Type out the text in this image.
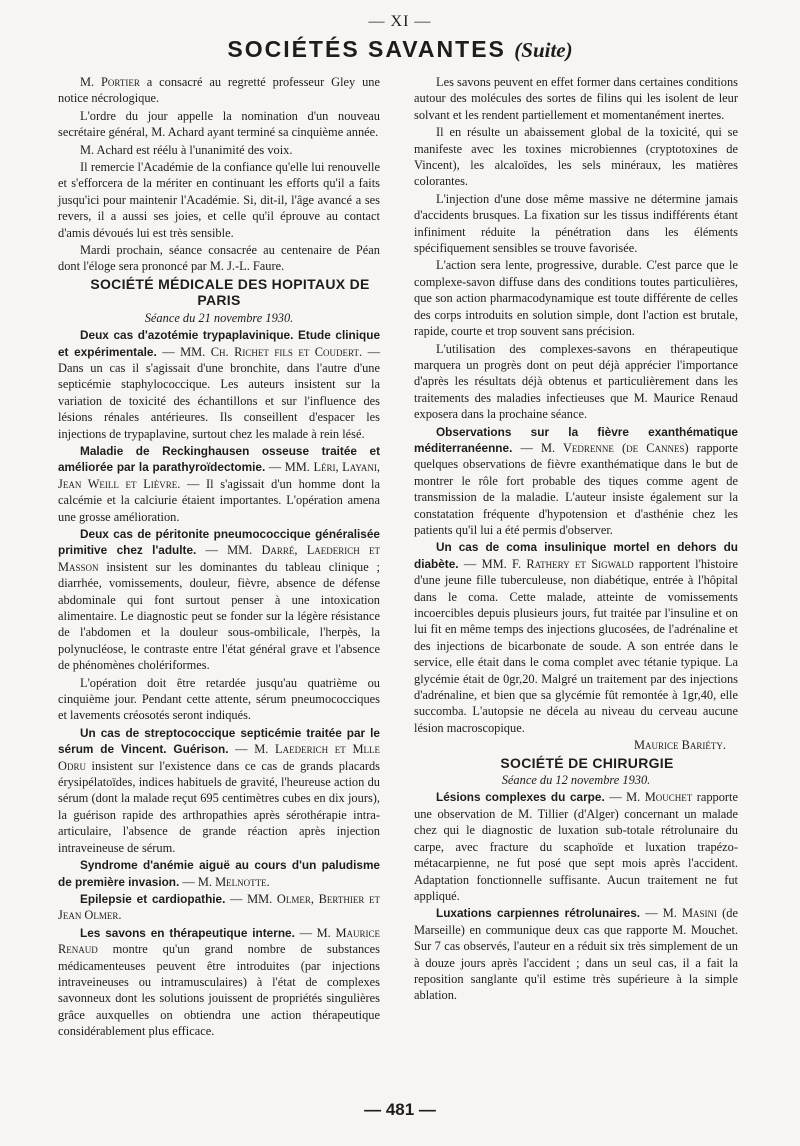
— XI —
SOCIÉTÉS SAVANTES (Suite)

M. Portier a consacré au regretté professeur Gley une notice nécrologique.

L'ordre du jour appelle la nomination d'un nouveau secrétaire général, M. Achard ayant terminé sa cinquième année.

M. Achard est réélu à l'unanimité des voix.

Il remercie l'Académie de la confiance qu'elle lui renouvelle et s'efforcera de la mériter en continuant les efforts qu'il a faits jusqu'ici pour maintenir l'Académie. Si, dit-il, l'âge avancé a ses revers, il a aussi ses joies, et celle qu'il éprouve au contact d'amis dévoués lui est très sensible.

Mardi prochain, séance consacrée au centenaire de Péan dont l'éloge sera prononcé par M. J.-L. Faure.

SOCIÉTÉ MÉDICALE DES HOPITAUX DE PARIS

Séance du 21 novembre 1930.

Deux cas d'azotémie trypaplavinique. Etude clinique et expérimentale. — MM. Ch. Richet fils et Coudert. — Dans un cas il s'agissait d'une bronchite, dans l'autre d'une septicémie staphylococcique. Les auteurs insistent sur la variation de toxicité des échantillons et sur l'influence des lésions rénales antérieures. Ils conseillent d'espacer les injections de trypaplavine, surtout chez les malade à rein lésé.

Maladie de Reckinghausen osseuse traitée et améliorée par la parathyroïdectomie. — MM. Léri, Layani, Jean Weill et Lièvre. — Il s'agissait d'un homme dont la calcémie et la calciurie étaient importantes. L'opération amena une grosse amélioration.

Deux cas de péritonite pneumococcique généralisée primitive chez l'adulte. — MM. Darré, Laederich et Masson insistent sur les dominantes du tableau clinique ; diarrhée, vomissements, douleur, fièvre, absence de défense abdominale qui font surtout penser à une intoxication alimentaire. Le diagnostic peut se fonder sur la légère résistance de l'abdomen et la douleur sous-ombilicale, l'herpès, la polynucléose, le contraste entre l'état général grave et l'absence de phénomènes cholériformes.

L'opération doit être retardée jusqu'au quatrième ou cinquième jour. Pendant cette attente, sérum pneumococciques et lavements créosotés seront indiqués.

Un cas de streptococcique septicémie traitée par le sérum de Vincent. Guérison. — M. Laederich et Mlle Odru insistent sur l'existence dans ce cas de grands placards érysipélatoïdes, indices habituels de gravité, l'heureuse action du sérum (dont la malade reçut 695 centimètres cubes en dix jours), la guérison rapide des arthropathies après sérothérapie intra-articulaire, l'absence de grande réaction après injection intraveineuse de sérum.

Syndrome d'anémie aiguë au cours d'un paludisme de première invasion. — M. Melnotte.

Epilepsie et cardiopathie. — MM. Olmer, Berthier et Jean Olmer.

Les savons en thérapeutique interne. — M. Maurice Renaud montre qu'un grand nombre de substances médicamenteuses peuvent être introduites (par injections intraveineuses ou intramusculaires) à l'état de complexes savonneux dont les solutions jouissent de propriétés singulières grâce auxquelles on obtiendra une action thérapeutique considérablement plus efficace.

Les savons peuvent en effet former dans certaines conditions autour des molécules des sortes de filins qui les isolent de leur solvant et les rendent partiellement et momentanément inertes.

Il en résulte un abaissement global de la toxicité, qui se manifeste avec les toxines microbiennes (cryptotoxines de Vincent), les alcaloïdes, les sels minéraux, les matières colorantes.

L'injection d'une dose même massive ne détermine jamais d'accidents brusques. La fixation sur les tissus indifférents étant infiniment réduite la pénétration dans les éléments spécifiquement sensibles se trouve favorisée.

L'action sera lente, progressive, durable. C'est parce que le complexe-savon diffuse dans des conditions toutes particulières, que son action pharmacodynamique est toute différente de celles des corps introduits en solution simple, dont l'action est brutale, rapide, courte et trop souvent sans précision.

L'utilisation des complexes-savons en thérapeutique marquera un progrès dont on peut déjà apprécier l'importance d'après les résultats déjà obtenus et particulièrement dans les traitements des maladies infectieuses que M. Maurice Renaud exposera dans la prochaine séance.

Observations sur la fièvre exanthématique méditerranéenne. — M. Vedrenne (de Cannes) rapporte quelques observations de fièvre exanthématique dans le but de montrer le rôle fort probable des tiques comme agent de transmission de la maladie. L'auteur insiste également sur la constatation fréquente d'hypotension et d'asthénie chez les patients qu'il lui a été permis d'observer.

Un cas de coma insulinique mortel en dehors du diabète. — MM. F. Rathery et Sigwald rapportent l'histoire d'une jeune fille tuberculeuse, non diabétique, entrée à l'hôpital dans le coma. Cette malade, atteinte de vomissements incoercibles depuis plusieurs jours, fut traitée par l'insuline et on lui fit en même temps des injections glucosées, de l'adrénaline et des injections de bicarbonate de soude. A son entrée dans le service, elle était dans le coma complet avec tétanie typique. La glycémie était de 0gr,20. Malgré un traitement par des injections d'adrénaline, et bien que sa glycémie fût remontée à 1gr,40, elle succomba. L'autopsie ne décela au niveau du cerveau aucune lésion macroscopique.

Maurice Bariéty.

SOCIÉTÉ DE CHIRURGIE

Séance du 12 novembre 1930.

Lésions complexes du carpe. — M. Mouchet rapporte une observation de M. Tillier (d'Alger) concernant un malade chez qui le diagnostic de luxation sub-totale rétrolunaire du carpe, avec fracture du scaphoïde et luxation trapézo-métacarpienne, ne fut posé que sept mois après l'accident. Adaptation fonctionnelle suffisante. Aucun traitement ne fut appliqué.

Luxations carpiennes rétrolunaires. — M. Masini (de Marseille) en communique deux cas que rapporte M. Mouchet. Sur 7 cas observés, l'auteur en a réduit six très simplement de un à douze jours après l'accident ; dans un seul cas, il a fait la reposition sanglante qu'il estime très supérieure à la simple ablation.

— 481 —
